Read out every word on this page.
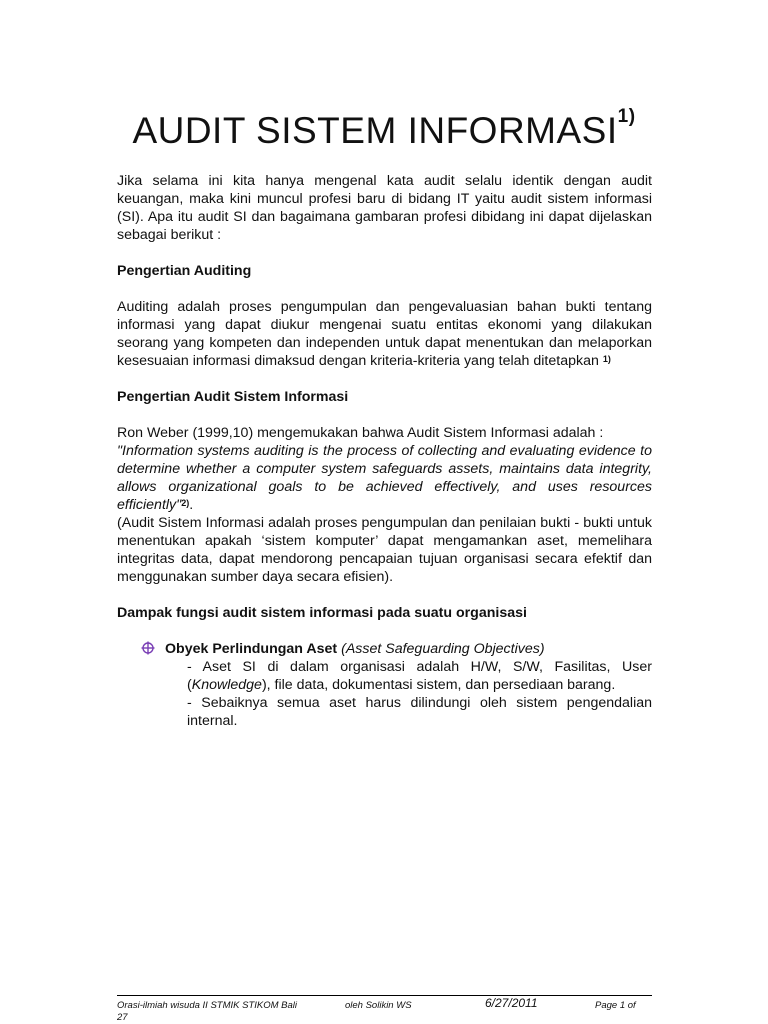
AUDIT SISTEM INFORMASI$^{1)}$

Jika selama ini kita hanya mengenal kata audit selalu identik dengan audit keuangan, maka kini muncul profesi baru di bidang IT yaitu audit sistem informasi (SI). Apa itu audit SI dan bagaimana gambaran profesi dibidang ini dapat dijelaskan sebagai berikut :

Pengertian Auditing

Auditing adalah proses pengumpulan dan pengevaluasian bahan bukti tentang informasi yang dapat diukur mengenai suatu entitas ekonomi yang dilakukan seorang yang kompeten dan independen untuk dapat menentukan dan melaporkan kesesuaian informasi dimaksud dengan kriteria-kriteria yang telah ditetapkan $^{1)}$

Pengertian Audit Sistem Informasi

Ron Weber (1999,10) mengemukakan bahwa Audit Sistem Informasi adalah :

"Information systems auditing is the process of collecting and evaluating evidence to determine whether a computer system safeguards assets, maintains data integrity, allows organizational goals to be achieved effectively, and uses resources efficiently"$^{2)}$.

(Audit Sistem Informasi adalah proses pengumpulan dan penilaian bukti - bukti untuk menentukan apakah ‘sistem komputer’ dapat mengamankan aset, memelihara integritas data, dapat mendorong pencapaian tujuan organisasi secara efektif dan menggunakan sumber daya secara efisien).

Dampak fungsi audit sistem informasi pada suatu organisasi

Obyek Perlindungan Aset (Asset Safeguarding Objectives)

- Aset SI di dalam organisasi adalah H/W, S/W, Fasilitas, User (Knowledge), file data, dokumentasi sistem, dan persediaan barang.

- Sebaiknya semua aset harus dilindungi oleh sistem pengendalian internal.

Orasi-ilmiah wisuda II STMIK STIKOM Bali	oleh Solikin WS	6/27/2011	Page 1 of
27
